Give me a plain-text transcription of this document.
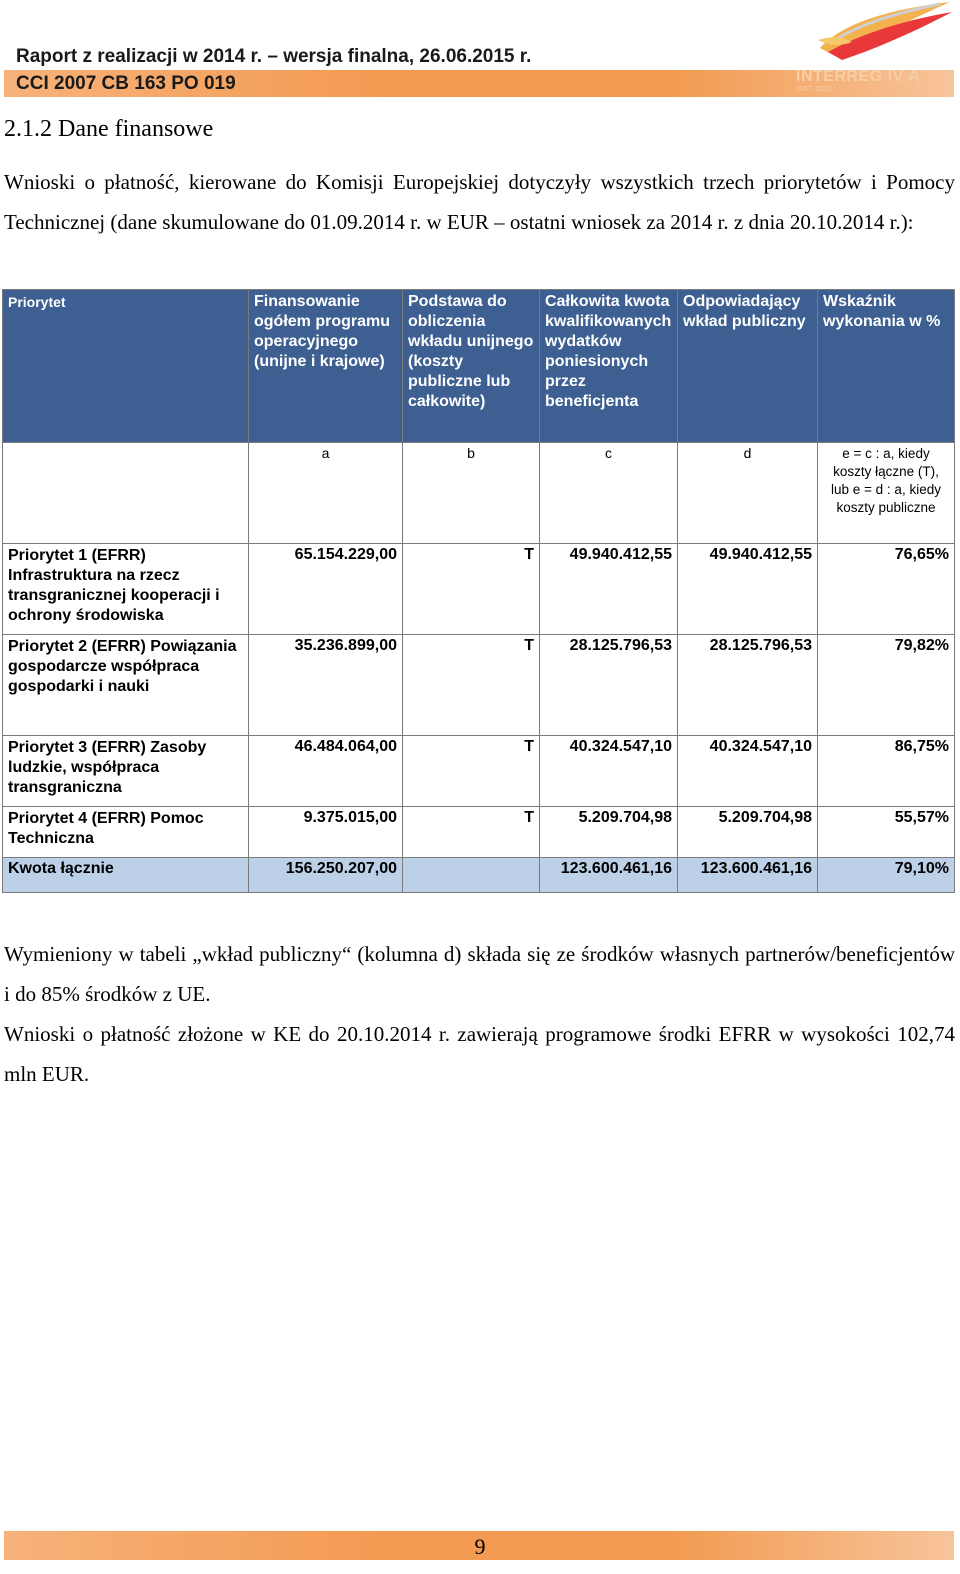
Raport z realizacji w 2014 r. – wersja finalna, 26.06.2015 r.
CCI 2007 CB 163 PO 019	INTERREG IV A
2007–2013
2.1.2 Dane finansowe
Wnioski o płatność, kierowane do Komisji Europejskiej dotyczyły wszystkich trzech priorytetów i Pomocy Technicznej (dane skumulowane do 01.09.2014 r. w EUR – ostatni wniosek za 2014 r. z dnia 20.10.2014 r.):
Priorytet	Finansowanie ogółem programu operacyjnego (unijne i krajowe)	Podstawa do obliczenia wkładu unijnego (koszty publiczne lub całkowite)	Całkowita kwota kwalifikowanych wydatków poniesionych przez beneficjenta	Odpowiadający wkład publiczny	Wskaźnik wykonania w %
	a	b	c	d	e = c : a, kiedy koszty łączne (T), lub e = d : a, kiedy koszty publiczne
Priorytet 1 (EFRR) Infrastruktura na rzecz transgranicznej kooperacji i ochrony środowiska	65.154.229,00	T	49.940.412,55	49.940.412,55	76,65%
Priorytet 2 (EFRR) Powiązania gospodarcze współpraca gospodarki i nauki	35.236.899,00	T	28.125.796,53	28.125.796,53	79,82%
Priorytet 3 (EFRR) Zasoby ludzkie, współpraca transgraniczna	46.484.064,00	T	40.324.547,10	40.324.547,10	86,75%
Priorytet 4 (EFRR) Pomoc Techniczna	9.375.015,00	T	5.209.704,98	5.209.704,98	55,57%
Kwota łącznie	156.250.207,00		123.600.461,16	123.600.461,16	79,10%
Wymieniony w tabeli „wkład publiczny“ (kolumna d) składa się ze środków własnych partnerów/beneficjentów i do 85% środków z UE.
Wnioski o płatność złożone w KE do 20.10.2014 r. zawierają programowe środki EFRR w wysokości 102,74 mln EUR.
9
